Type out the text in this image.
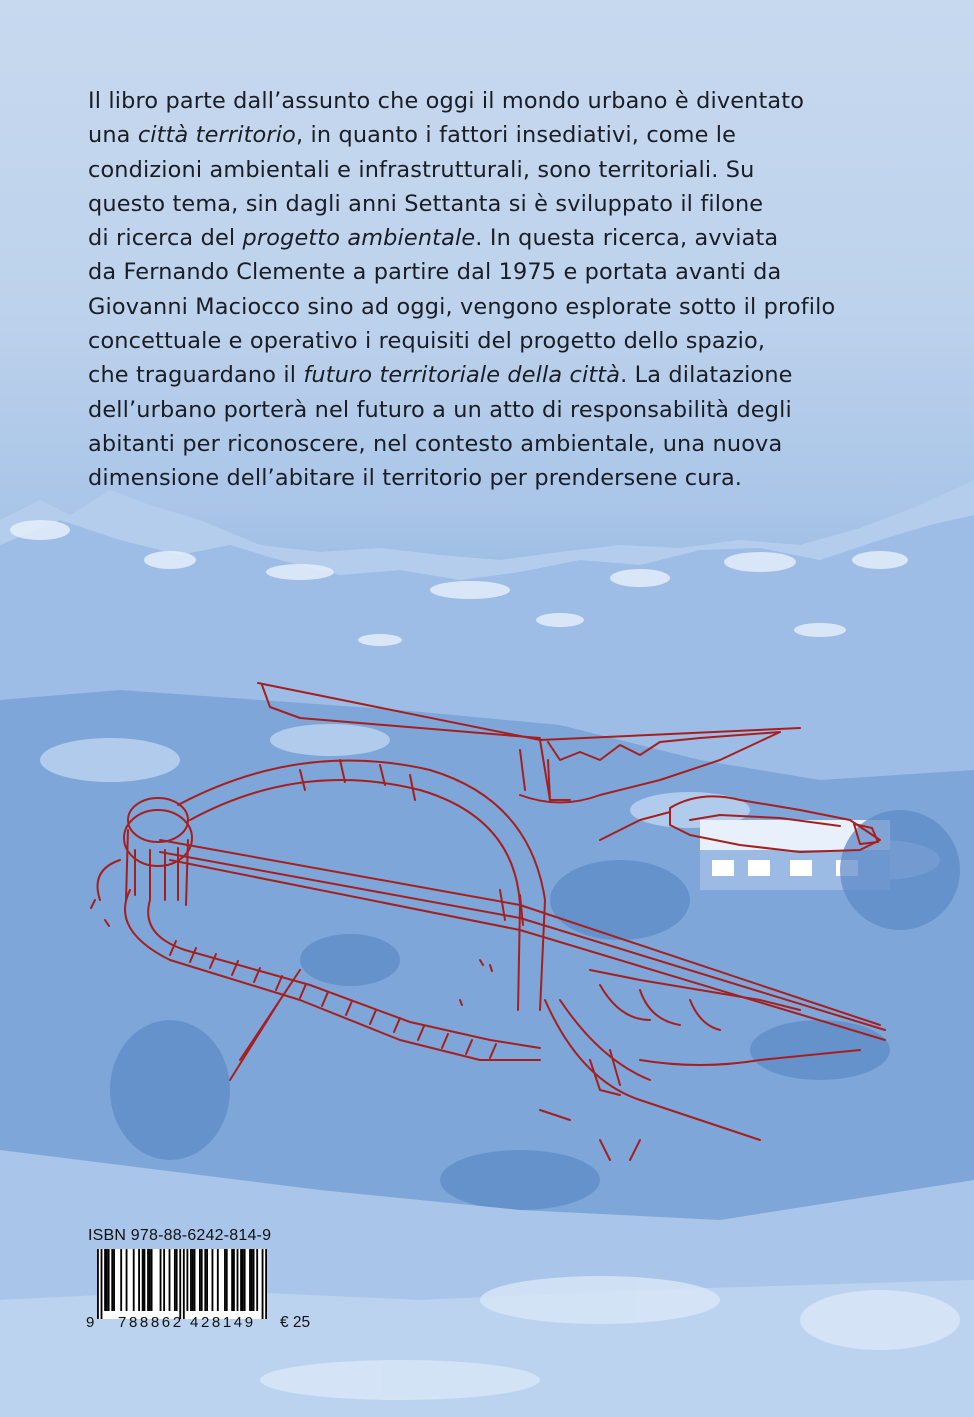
Il libro parte dall’assunto che oggi il mondo urbano è diventato

una città territorio, in quanto i fattori insediativi, come le

condizioni ambientali e infrastrutturali, sono territoriali. Su

questo tema, sin dagli anni Settanta si è sviluppato il filone

di ricerca del progetto ambientale. In questa ricerca, avviata

da Fernando Clemente a partire dal 1975 e portata avanti da

Giovanni Maciocco sino ad oggi, vengono esplorate sotto il profilo

concettuale e operativo i requisiti del progetto dello spazio,

che traguardano il futuro territoriale della città. La dilatazione

dell’urbano porterà nel futuro a un atto di responsabilità degli

abitanti per riconoscere, nel contesto ambientale, una nuova

dimensione dell’abitare il territorio per prendersene cura.

ISBN 978-88-6242-814-9
9 788862 428149 € 25
